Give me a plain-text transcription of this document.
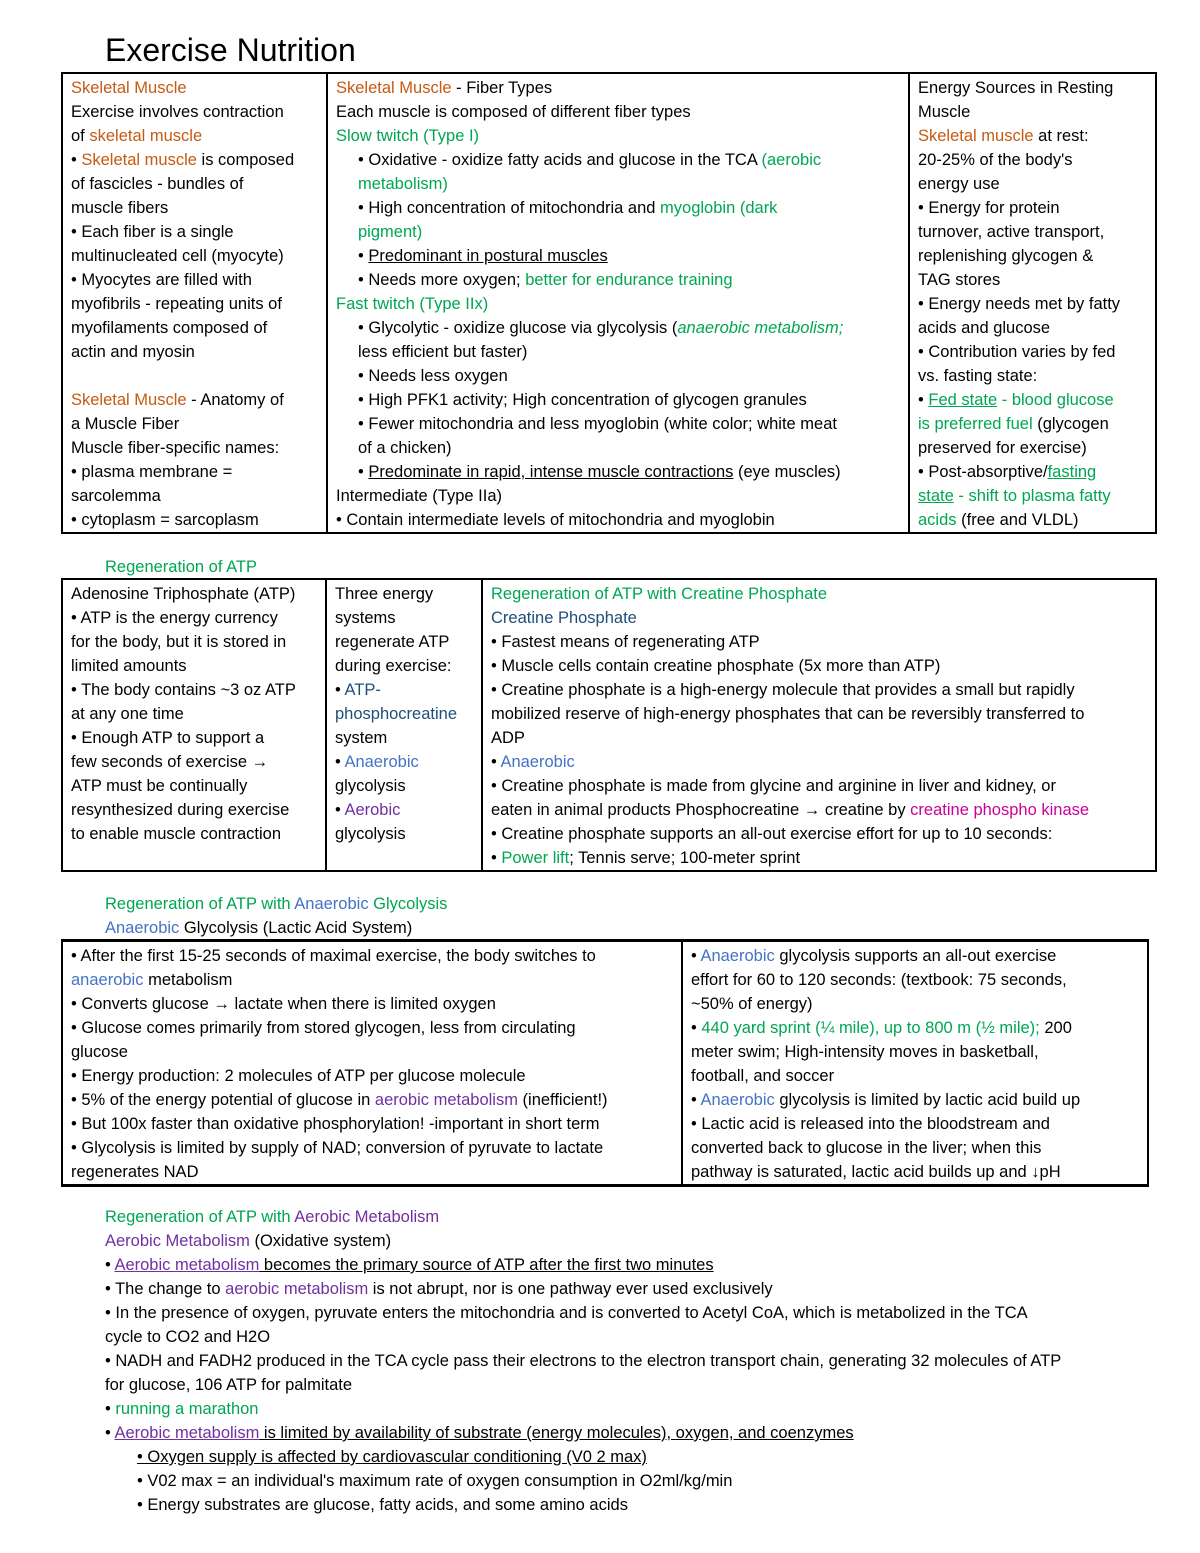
Exercise Nutrition
Skeletal Muscle
Exercise involves contraction
of skeletal muscle
• Skeletal muscle is composed
of fascicles - bundles of
muscle fibers
• Each fiber is a single
multinucleated cell (myocyte)
• Myocytes are filled with
myofibrils - repeating units of
myofilaments composed of
actin and myosin

Skeletal Muscle - Anatomy of
a Muscle Fiber
Muscle fiber-specific names:
• plasma membrane =
sarcolemma
• cytoplasm = sarcoplasm

Skeletal Muscle - Fiber Types
Each muscle is composed of different fiber types
Slow twitch (Type I)
• Oxidative - oxidize fatty acids and glucose in the TCA (aerobic
metabolism)
• High concentration of mitochondria and myoglobin (dark
pigment)
• Predominant in postural muscles
• Needs more oxygen; better for endurance training
Fast twitch (Type IIx)
• Glycolytic - oxidize glucose via glycolysis (anaerobic metabolism;
less efficient but faster)
• Needs less oxygen
• High PFK1 activity; High concentration of glycogen granules
• Fewer mitochondria and less myoglobin (white color; white meat
of a chicken)
• Predominate in rapid, intense muscle contractions (eye muscles)
Intermediate (Type IIa)
• Contain intermediate levels of mitochondria and myoglobin

Energy Sources in Resting
Muscle
Skeletal muscle at rest:
20-25% of the body's
energy use
• Energy for protein
turnover, active transport,
replenishing glycogen &
TAG stores
• Energy needs met by fatty
acids and glucose
• Contribution varies by fed
vs. fasting state:
• Fed state - blood glucose
is preferred fuel (glycogen
preserved for exercise)
• Post-absorptive/fasting
state - shift to plasma fatty
acids (free and VLDL)
Regeneration of ATP
Adenosine Triphosphate (ATP)
• ATP is the energy currency
for the body, but it is stored in
limited amounts
• The body contains ~3 oz ATP
at any one time
• Enough ATP to support a
few seconds of exercise →
ATP must be continually
resynthesized during exercise
to enable muscle contraction

Three energy
systems
regenerate ATP
during exercise:
• ATP-
phosphocreatine
system
• Anaerobic
glycolysis
• Aerobic
glycolysis

Regeneration of ATP with Creatine Phosphate
Creatine Phosphate
• Fastest means of regenerating ATP
• Muscle cells contain creatine phosphate (5x more than ATP)
• Creatine phosphate is a high-energy molecule that provides a small but rapidly
mobilized reserve of high-energy phosphates that can be reversibly transferred to
ADP
• Anaerobic
• Creatine phosphate is made from glycine and arginine in liver and kidney, or
eaten in animal products Phosphocreatine → creatine by creatine phospho kinase
• Creatine phosphate supports an all-out exercise effort for up to 10 seconds:
• Power lift; Tennis serve; 100-meter sprint
Regeneration of ATP with Anaerobic Glycolysis
Anaerobic Glycolysis (Lactic Acid System)
• After the first 15-25 seconds of maximal exercise, the body switches to
anaerobic metabolism
• Converts glucose → lactate when there is limited oxygen
• Glucose comes primarily from stored glycogen, less from circulating
glucose
• Energy production: 2 molecules of ATP per glucose molecule
• 5% of the energy potential of glucose in aerobic metabolism (inefficient!)
• But 100x faster than oxidative phosphorylation! -important in short term
• Glycolysis is limited by supply of NAD; conversion of pyruvate to lactate
regenerates NAD

• Anaerobic glycolysis supports an all-out exercise
effort for 60 to 120 seconds: (textbook: 75 seconds,
~50% of energy)
• 440 yard sprint (¼ mile), up to 800 m (½ mile); 200
meter swim; High-intensity moves in basketball,
football, and soccer
• Anaerobic glycolysis is limited by lactic acid build up
• Lactic acid is released into the bloodstream and
converted back to glucose in the liver; when this
pathway is saturated, lactic acid builds up and ↓pH
Regeneration of ATP with Aerobic Metabolism
Aerobic Metabolism (Oxidative system)
• Aerobic metabolism becomes the primary source of ATP after the first two minutes
• The change to aerobic metabolism is not abrupt, nor is one pathway ever used exclusively
• In the presence of oxygen, pyruvate enters the mitochondria and is converted to Acetyl CoA, which is metabolized in the TCA
cycle to CO2 and H2O
• NADH and FADH2 produced in the TCA cycle pass their electrons to the electron transport chain, generating 32 molecules of ATP
for glucose, 106 ATP for palmitate
• running a marathon
• Aerobic metabolism is limited by availability of substrate (energy molecules), oxygen, and coenzymes
• Oxygen supply is affected by cardiovascular conditioning (V0 2 max)
• V02 max = an individual's maximum rate of oxygen consumption in O2ml/kg/min
• Energy substrates are glucose, fatty acids, and some amino acids
